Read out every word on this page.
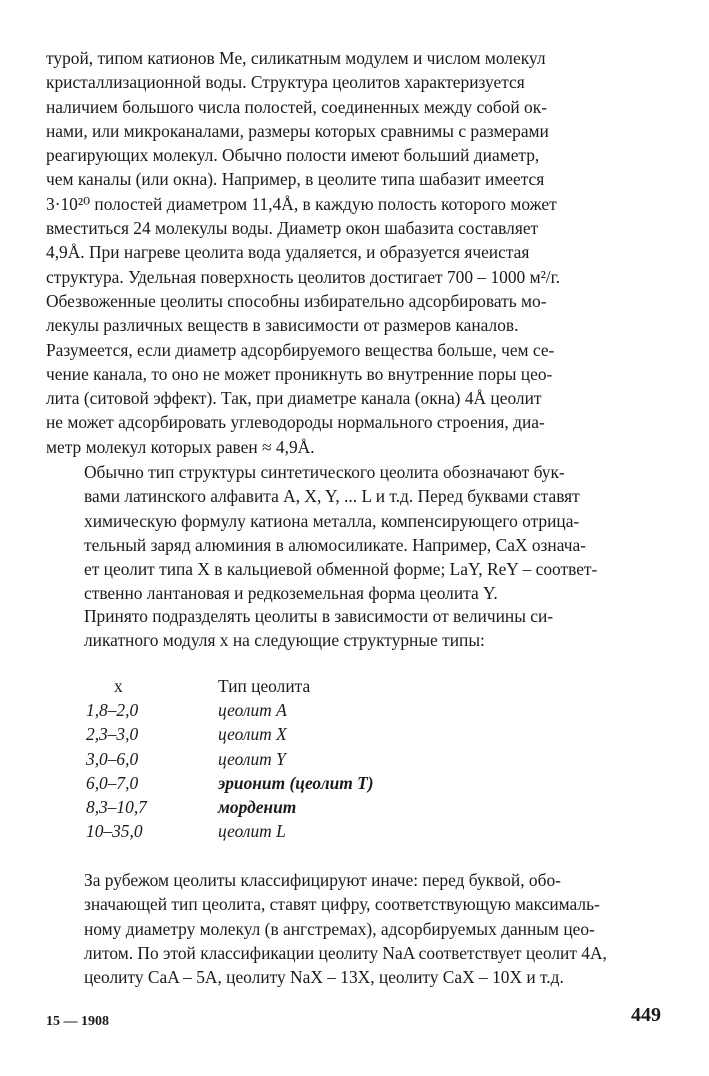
турой, типом катионов Me, силикатным модулем и числом молекул
кристаллизационной воды. Структура цеолитов характеризуется
наличием большого числа полостей, соединенных между собой ок-
нами, или микроканалами, размеры которых сравнимы с размерами
реагирующих молекул. Обычно полости имеют больший диаметр,
чем каналы (или окна). Например, в цеолите типа шабазит имеется
3·10²⁰ полостей диаметром 11,4Å, в каждую полость которого может
вместиться 24 молекулы воды. Диаметр окон шабазита составляет
4,9Å. При нагреве цеолита вода удаляется, и образуется ячеистая
структура. Удельная поверхность цеолитов достигает 700 – 1000 м²/г.
Обезвоженные цеолиты способны избирательно адсорбировать мо-
лекулы различных веществ в зависимости от размеров каналов.
Разумеется, если диаметр адсорбируемого вещества больше, чем се-
чение канала, то оно не может проникнуть во внутренние поры цео-
лита (ситовой эффект). Так, при диаметре канала (окна) 4Å цеолит
не может адсорбировать углеводороды нормального строения, диа-
метр молекул которых равен ≈ 4,9Å.

Обычно тип структуры синтетического цеолита обозначают бук-
вами латинского алфавита A, X, Y, ... L и т.д. Перед буквами ставят
химическую формулу катиона металла, компенсирующего отрица-
тельный заряд алюминия в алюмосиликате. Например, CaX означа-
ет цеолит типа X в кальциевой обменной форме; LaY, ReY – соответ-
ственно лантановая и редкоземельная форма цеолита Y.

Принято подразделять цеолиты в зависимости от величины си-
ликатного модуля x на следующие структурные типы:

x	Тип цеолита
1,8–2,0	цеолит A
2,3–3,0	цеолит X
3,0–6,0	цеолит Y
6,0–7,0	эрионит (цеолит T)
8,3–10,7	морденит
10–35,0	цеолит L

За рубежом цеолиты классифицируют иначе: перед буквой, обо-
значающей тип цеолита, ставят цифру, соответствующую максималь-
ному диаметру молекул (в ангстремах), адсорбируемых данным цео-
литом. По этой классификации цеолиту NaA соответствует цеолит 4A,
цеолиту CaA – 5A, цеолиту NaX – 13X, цеолиту CaX – 10X и т.д.

15 — 1908	449
